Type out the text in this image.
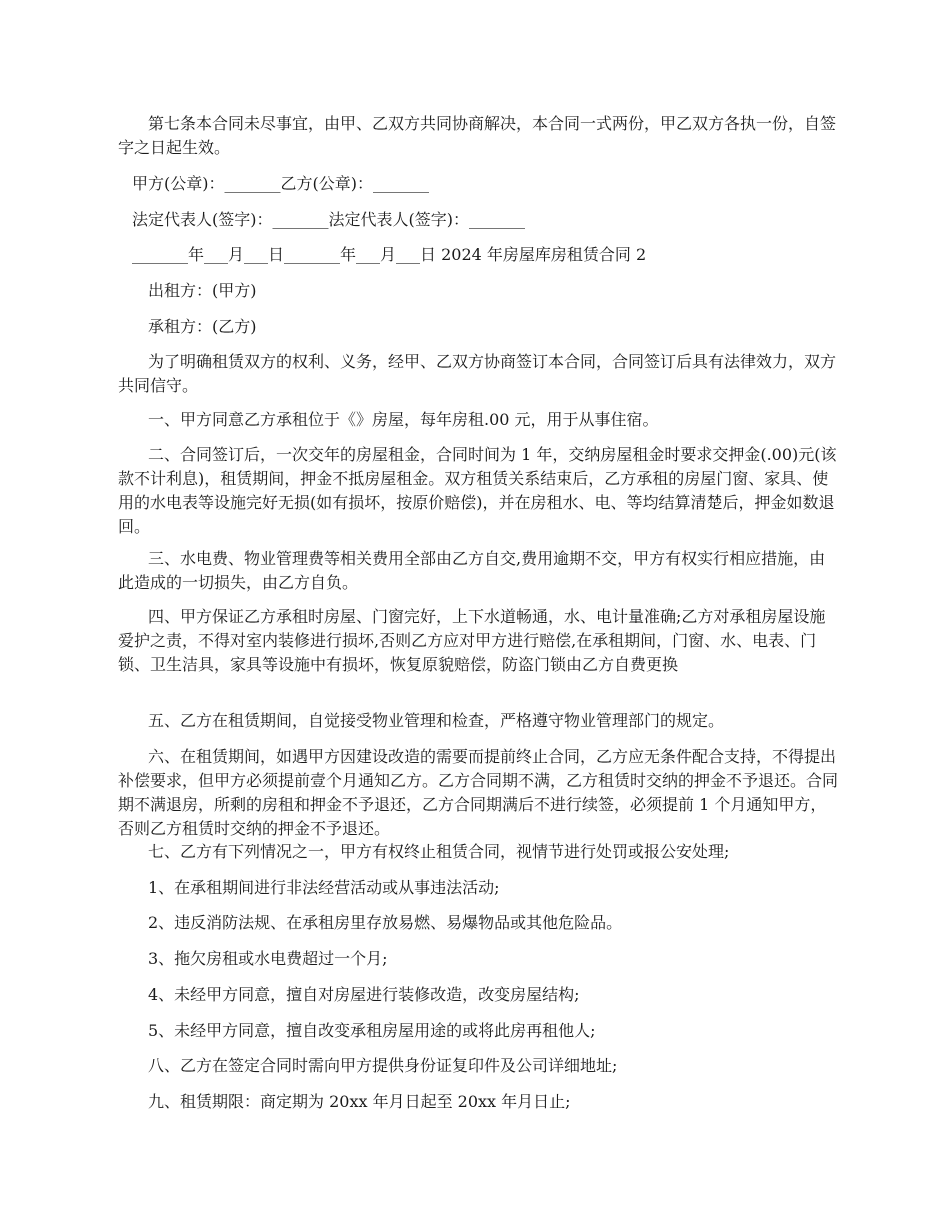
第七条本合同未尽事宜，由甲、乙双方共同协商解决，本合同一式两份，甲乙双方各执一份，自签字之日起生效。

甲方(公章)：_______乙方(公章)：_______

法定代表人(签字)：_______法定代表人(签字)：_______

_______年___月___日_______年___月___日 2024 年房屋库房租赁合同 2

出租方：(甲方)

承租方：(乙方)

为了明确租赁双方的权利、义务，经甲、乙双方协商签订本合同，合同签订后具有法律效力，双方共同信守。

一、甲方同意乙方承租位于《》房屋，每年房租.00 元，用于从事住宿。

二、合同签订后，一次交年的房屋租金，合同时间为 1 年，交纳房屋租金时要求交押金(.00)元(该款不计利息)，租赁期间，押金不抵房屋租金。双方租赁关系结束后，乙方承租的房屋门窗、家具、使用的水电表等设施完好无损(如有损坏，按原价赔偿)，并在房租水、电、等均结算清楚后，押金如数退回。

三、水电费、物业管理费等相关费用全部由乙方自交,费用逾期不交，甲方有权实行相应措施，由此造成的一切损失，由乙方自负。

四、甲方保证乙方承租时房屋、门窗完好，上下水道畅通，水、电计量准确;乙方对承租房屋设施爱护之责，不得对室内装修进行损坏,否则乙方应对甲方进行赔偿,在承租期间，门窗、水、电表、门锁、卫生洁具，家具等设施中有损坏，恢复原貌赔偿，防盗门锁由乙方自费更换

五、乙方在租赁期间，自觉接受物业管理和检查，严格遵守物业管理部门的规定。

六、在租赁期间，如遇甲方因建设改造的需要而提前终止合同，乙方应无条件配合支持，不得提出补偿要求，但甲方必须提前壹个月通知乙方。乙方合同期不满，乙方租赁时交纳的押金不予退还。合同期不满退房，所剩的房租和押金不予退还，乙方合同期满后不进行续签，必须提前 1 个月通知甲方，否则乙方租赁时交纳的押金不予退还。

七、乙方有下列情况之一，甲方有权终止租赁合同，视情节进行处罚或报公安处理;

1、在承租期间进行非法经营活动或从事违法活动;

2、违反消防法规、在承租房里存放易燃、易爆物品或其他危险品。

3、拖欠房租或水电费超过一个月;

4、未经甲方同意，擅自对房屋进行装修改造，改变房屋结构;

5、未经甲方同意，擅自改变承租房屋用途的或将此房再租他人;

八、乙方在签定合同时需向甲方提供身份证复印件及公司详细地址;

九、租赁期限：商定期为 20xx 年月日起至 20xx 年月日止;
